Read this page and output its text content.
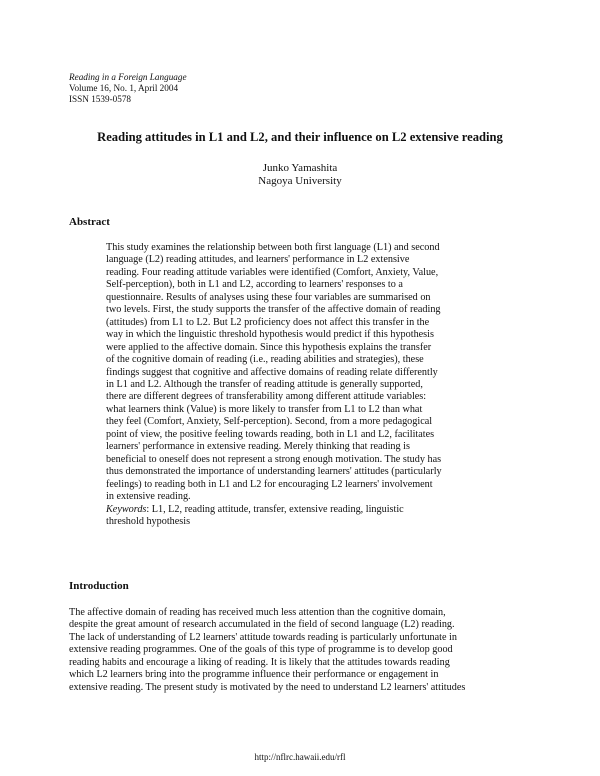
Reading in a Foreign Language
Volume 16, No. 1, April 2004
ISSN 1539-0578
Reading attitudes in L1 and L2, and their influence on L2 extensive reading
Junko Yamashita
Nagoya University
Abstract
This study examines the relationship between both first language (L1) and second
language (L2) reading attitudes, and learners' performance in L2 extensive
reading. Four reading attitude variables were identified (Comfort, Anxiety, Value,
Self-perception), both in L1 and L2, according to learners' responses to a
questionnaire. Results of analyses using these four variables are summarised on
two levels. First, the study supports the transfer of the affective domain of reading
(attitudes) from L1 to L2. But L2 proficiency does not affect this transfer in the
way in which the linguistic threshold hypothesis would predict if this hypothesis
were applied to the affective domain. Since this hypothesis explains the transfer
of the cognitive domain of reading (i.e., reading abilities and strategies), these
findings suggest that cognitive and affective domains of reading relate differently
in L1 and L2. Although the transfer of reading attitude is generally supported,
there are different degrees of transferability among different attitude variables:
what learners think (Value) is more likely to transfer from L1 to L2 than what
they feel (Comfort, Anxiety, Self-perception). Second, from a more pedagogical
point of view, the positive feeling towards reading, both in L1 and L2, facilitates
learners' performance in extensive reading. Merely thinking that reading is
beneficial to oneself does not represent a strong enough motivation. The study has
thus demonstrated the importance of understanding learners' attitudes (particularly
feelings) to reading both in L1 and L2 for encouraging L2 learners' involvement
in extensive reading.
Keywords: L1, L2, reading attitude, transfer, extensive reading, linguistic
threshold hypothesis
Introduction
The affective domain of reading has received much less attention than the cognitive domain,
despite the great amount of research accumulated in the field of second language (L2) reading.
The lack of understanding of L2 learners' attitude towards reading is particularly unfortunate in
extensive reading programmes. One of the goals of this type of programme is to develop good
reading habits and encourage a liking of reading. It is likely that the attitudes towards reading
which L2 learners bring into the programme influence their performance or engagement in
extensive reading. The present study is motivated by the need to understand L2 learners' attitudes
http://nflrc.hawaii.edu/rfl
